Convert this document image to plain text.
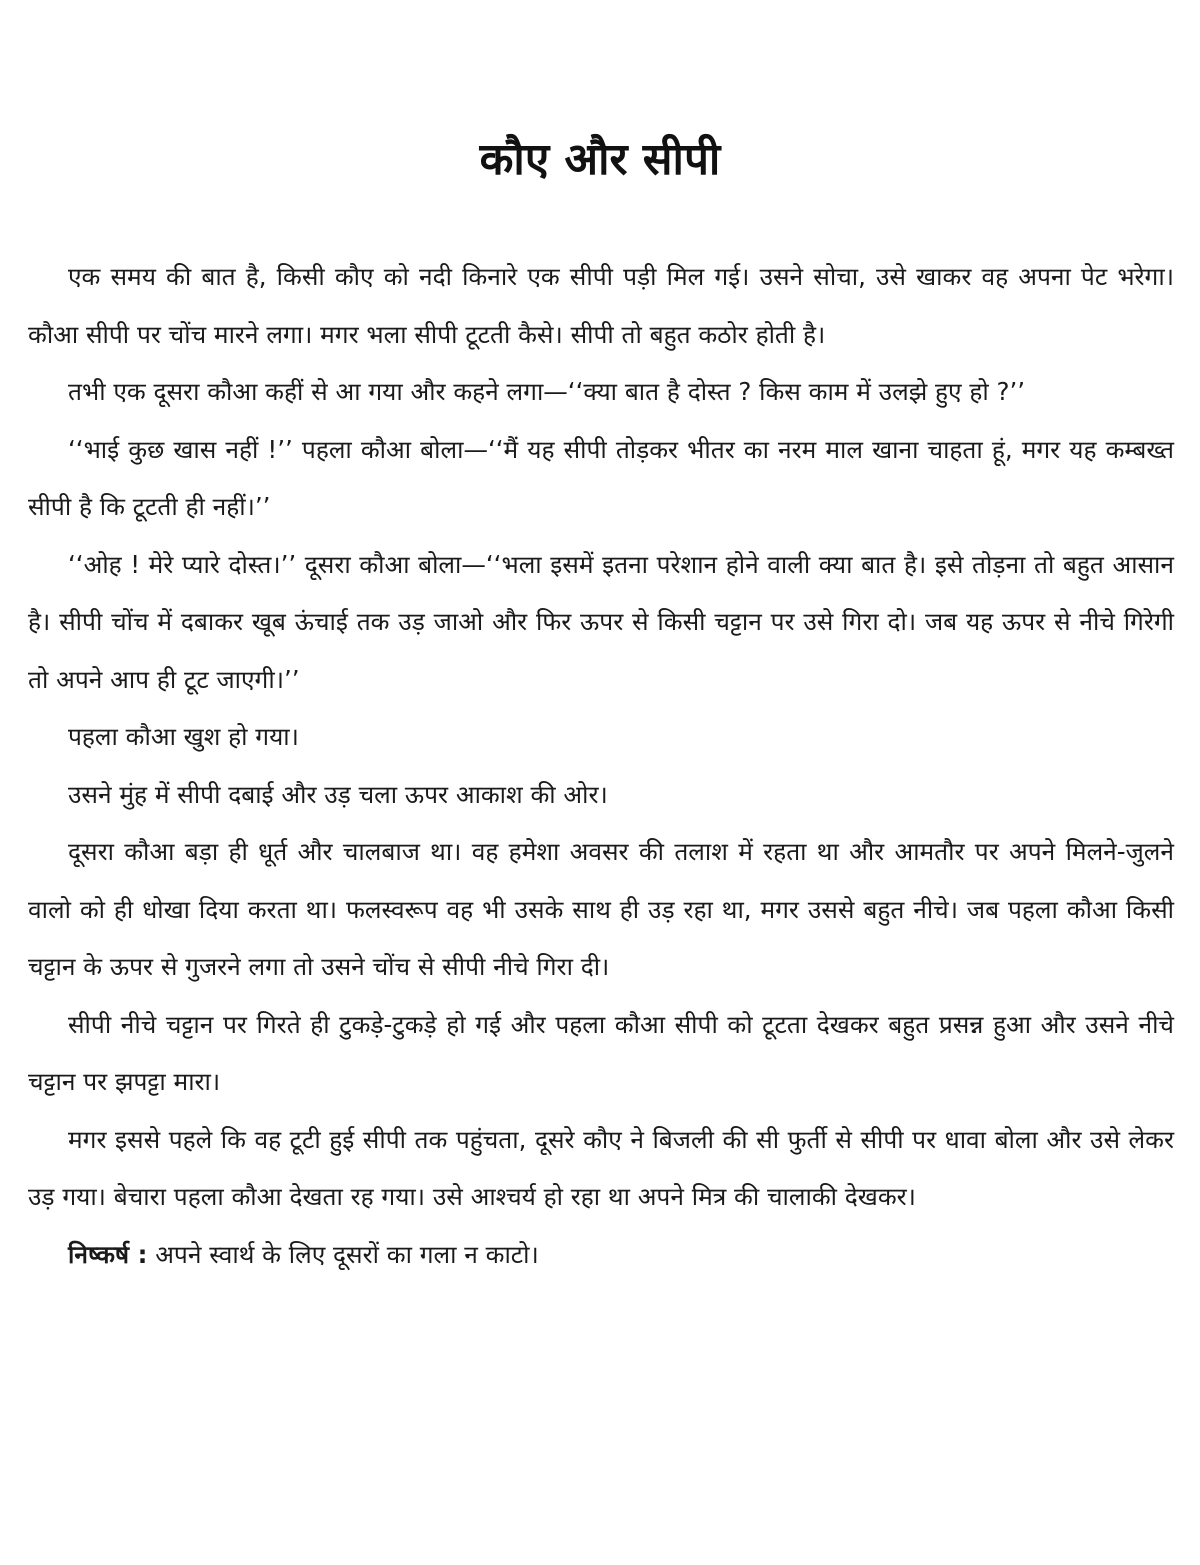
कौए और सीपी

एक समय की बात है, किसी कौए को नदी किनारे एक सीपी पड़ी मिल गई। उसने सोचा, उसे खाकर वह अपना पेट भरेगा। कौआ सीपी पर चोंच मारने लगा। मगर भला सीपी टूटती कैसे। सीपी तो बहुत कठोर होती है।

तभी एक दूसरा कौआ कहीं से आ गया और कहने लगा—‘‘क्या बात है दोस्त ? किस काम में उलझे हुए हो ?’’

‘‘भाई कुछ खास नहीं !’’ पहला कौआ बोला—‘‘मैं यह सीपी तोड़कर भीतर का नरम माल खाना चाहता हूं, मगर यह कम्बख्त सीपी है कि टूटती ही नहीं।’’

‘‘ओह ! मेरे प्यारे दोस्त।’’ दूसरा कौआ बोला—‘‘भला इसमें इतना परेशान होने वाली क्या बात है। इसे तोड़ना तो बहुत आसान है। सीपी चोंच में दबाकर खूब ऊंचाई तक उड़ जाओ और फिर ऊपर से किसी चट्टान पर उसे गिरा दो। जब यह ऊपर से नीचे गिरेगी तो अपने आप ही टूट जाएगी।’’

पहला कौआ खुश हो गया।

उसने मुंह में सीपी दबाई और उड़ चला ऊपर आकाश की ओर।

दूसरा कौआ बड़ा ही धूर्त और चालबाज था। वह हमेशा अवसर की तलाश में रहता था और आमतौर पर अपने मिलने-जुलने वालो को ही धोखा दिया करता था। फलस्वरूप वह भी उसके साथ ही उड़ रहा था, मगर उससे बहुत नीचे। जब पहला कौआ किसी चट्टान के ऊपर से गुजरने लगा तो उसने चोंच से सीपी नीचे गिरा दी।

सीपी नीचे चट्टान पर गिरते ही टुकड़े-टुकड़े हो गई और पहला कौआ सीपी को टूटता देखकर बहुत प्रसन्न हुआ और उसने नीचे चट्टान पर झपट्टा मारा।

मगर इससे पहले कि वह टूटी हुई सीपी तक पहुंचता, दूसरे कौए ने बिजली की सी फुर्ती से सीपी पर धावा बोला और उसे लेकर उड़ गया। बेचारा पहला कौआ देखता रह गया। उसे आश्चर्य हो रहा था अपने मित्र की चालाकी देखकर।

निष्कर्ष : अपने स्वार्थ के लिए दूसरों का गला न काटो।
